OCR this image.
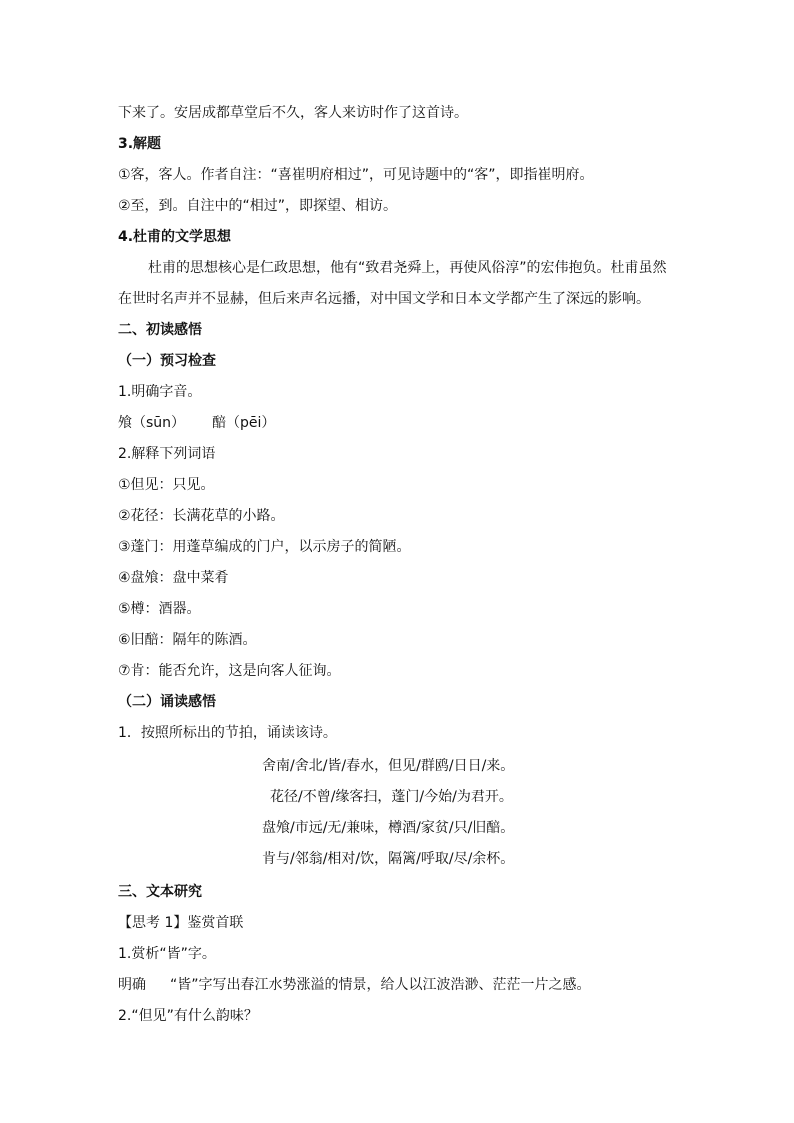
下来了。安居成都草堂后不久，客人来访时作了这首诗。
3.解题
①客，客人。作者自注：“喜崔明府相过”，可见诗题中的“客”，即指崔明府。
②至，到。自注中的“相过”，即探望、相访。
4.杜甫的文学思想
杜甫的思想核心是仁政思想，他有“致君尧舜上，再使风俗淳”的宏伟抱负。杜甫虽然
在世时名声并不显赫，但后来声名远播，对中国文学和日本文学都产生了深远的影响。
二、初读感悟
（一）预习检查
1.明确字音。
飧（sūn） 醅（pēi）
2.解释下列词语
①但见：只见。
②花径：长满花草的小路。
③蓬门：用蓬草编成的门户，以示房子的简陋。
④盘飧：盘中菜肴
⑤樽：酒器。
⑥旧醅：隔年的陈酒。
⑦肯：能否允许，这是向客人征询。
（二）诵读感悟
1．按照所标出的节拍，诵读该诗。
舍南/舍北/皆/春水，但见/群鸥/日日/来。
花径/不曾/缘客扫，蓬门/今始/为君开。
盘飧/市远/无/兼味，樽酒/家贫/只/旧醅。
肯与/邻翁/相对/饮，隔篱/呼取/尽/余杯。
三、文本研究
【思考 1】鉴赏首联
1.赏析“皆”字。
明确 “皆”字写出春江水势涨溢的情景，给人以江波浩渺、茫茫一片之感。
2.“但见”有什么韵味？
